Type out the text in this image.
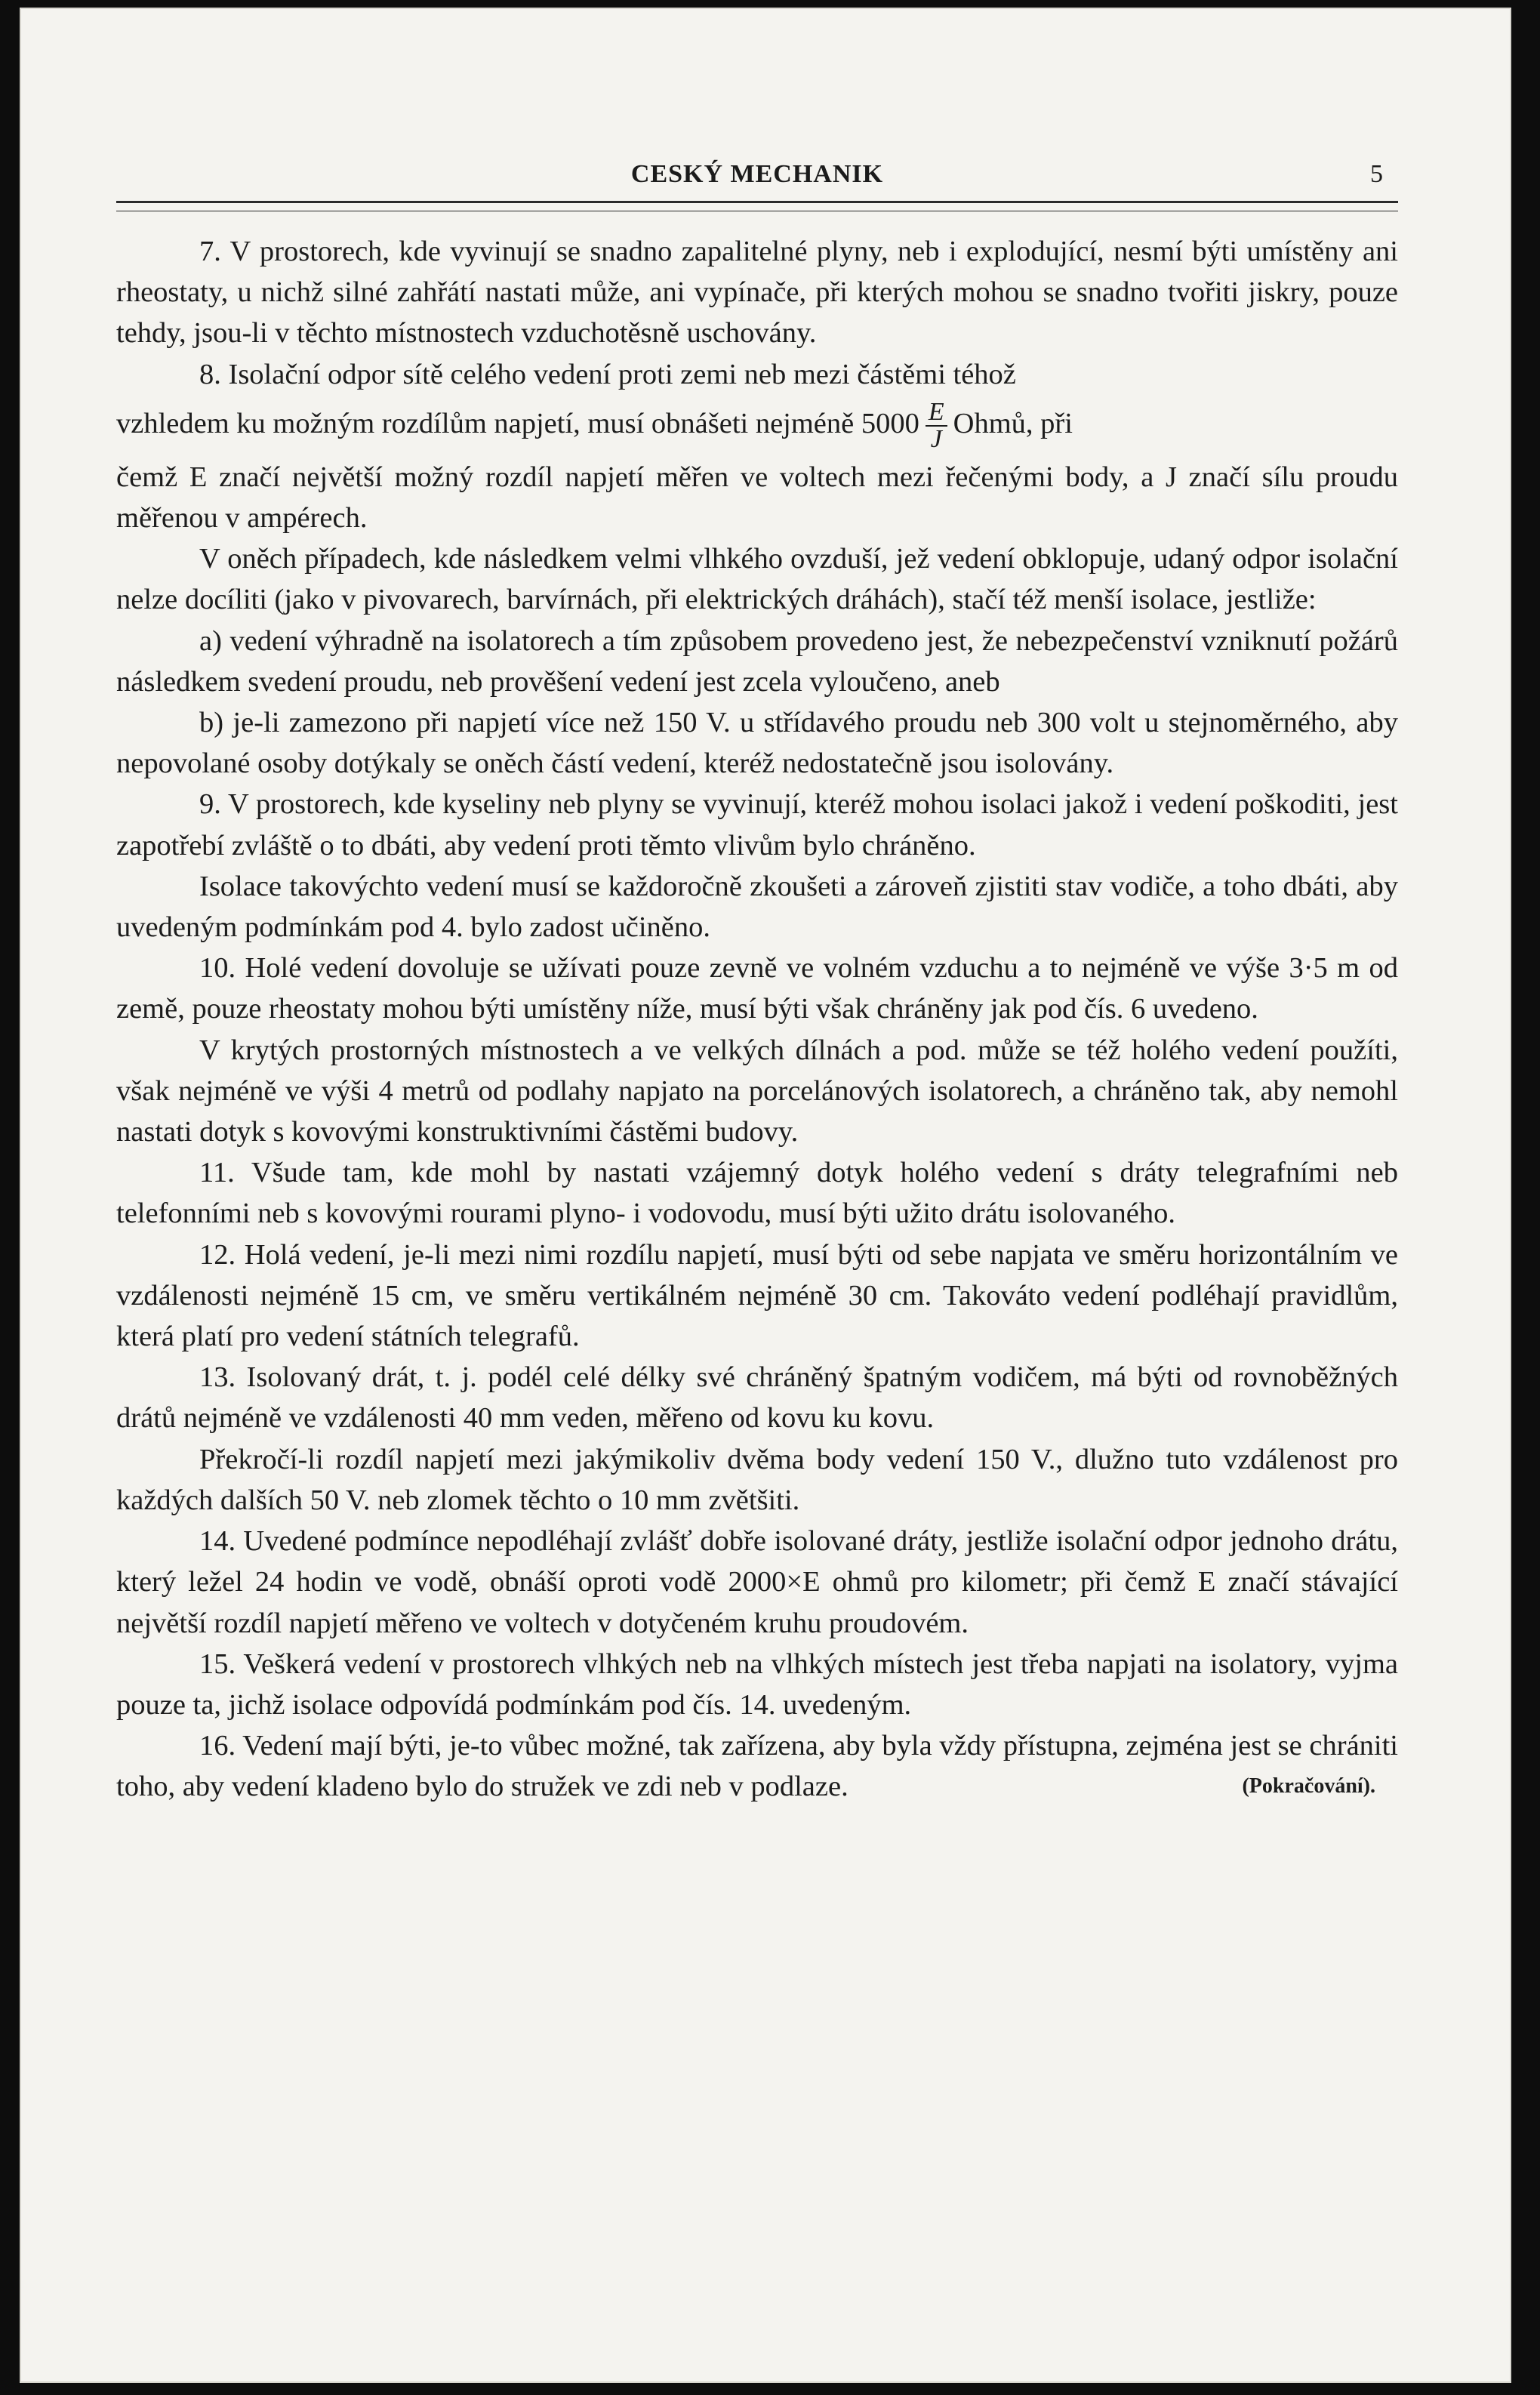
CESKÝ MECHANIK	5

7. V prostorech, kde vyvinují se snadno zapalitelné plyny, neb i explodující, nesmí býti umístěny ani rheostaty, u nichž silné zahřátí nastati může, ani vypínače, při kterých mohou se snadno tvořiti jiskry, pouze tehdy, jsou-li v těchto místnostech vzduchotěsně uschovány.

8. Isolační odpor sítě celého vedení proti zemi neb mezi částěmi téhož

vzhledem ku možným rozdílům napjetí, musí obnášeti nejméně $5000 \frac{E}{J}$ Ohmů, při

čemž E značí největší možný rozdíl napjetí měřen ve voltech mezi řečenými body, a J značí sílu proudu měřenou v ampérech.

V oněch případech, kde následkem velmi vlhkého ovzduší, jež vedení obklopuje, udaný odpor isolační nelze docíliti (jako v pivovarech, barvírnách, při elektrických dráhách), stačí též menší isolace, jestliže:

a) vedení výhradně na isolatorech a tím způsobem provedeno jest, že nebezpečenství vzniknutí požárů následkem svedení proudu, neb prověšení vedení jest zcela vyloučeno, aneb

b) je-li zamezono při napjetí více než 150 V. u střídavého proudu neb 300 volt u stejnoměrného, aby nepovolané osoby dotýkaly se oněch částí vedení, kteréž nedostatečně jsou isolovány.

9. V prostorech, kde kyseliny neb plyny se vyvinují, kteréž mohou isolaci jakož i vedení poškoditi, jest zapotřebí zvláště o to dbáti, aby vedení proti těmto vlivům bylo chráněno.

Isolace takovýchto vedení musí se každoročně zkoušeti a zároveň zjistiti stav vodiče, a toho dbáti, aby uvedeným podmínkám pod 4. bylo zadost učiněno.

10. Holé vedení dovoluje se užívati pouze zevně ve volném vzduchu a to nejméně ve výše 3·5 m od země, pouze rheostaty mohou býti umístěny níže, musí býti však chráněny jak pod čís. 6 uvedeno.

V krytých prostorných místnostech a ve velkých dílnách a pod. může se též holého vedení použíti, však nejméně ve výši 4 metrů od podlahy napjato na porcelánových isolatorech, a chráněno tak, aby nemohl nastati dotyk s kovovými konstruktivními částěmi budovy.

11. Všude tam, kde mohl by nastati vzájemný dotyk holého vedení s dráty telegrafními neb telefonními neb s kovovými rourami plyno- i vodovodu, musí býti užito drátu isolovaného.

12. Holá vedení, je-li mezi nimi rozdílu napjetí, musí býti od sebe napjata ve směru horizontálním ve vzdálenosti nejméně 15 cm, ve směru vertikálném nejméně 30 cm. Takováto vedení podléhají pravidlům, která platí pro vedení státních telegrafů.

13. Isolovaný drát, t. j. podél celé délky své chráněný špatným vodičem, má býti od rovnoběžných drátů nejméně ve vzdálenosti 40 mm veden, měřeno od kovu ku kovu.

Překročí-li rozdíl napjetí mezi jakýmikoliv dvěma body vedení 150 V., dlužno tuto vzdálenost pro každých dalších 50 V. neb zlomek těchto o 10 mm zvětšiti.

14. Uvedené podmínce nepodléhají zvlášť dobře isolované dráty, jestliže isolační odpor jednoho drátu, který ležel 24 hodin ve vodě, obnáší oproti vodě 2000×E ohmů pro kilometr; při čemž E značí stávající největší rozdíl napjetí měřeno ve voltech v dotyčeném kruhu proudovém.

15. Veškerá vedení v prostorech vlhkých neb na vlhkých místech jest třeba napjati na isolatory, vyjma pouze ta, jichž isolace odpovídá podmínkám pod čís. 14. uvedeným.

16. Vedení mají býti, je-to vůbec možné, tak zařízena, aby byla vždy přístupna, zejména jest se chrániti toho, aby vedení kladeno bylo do stružek ve zdi neb v podlaze.	(Pokračování).
